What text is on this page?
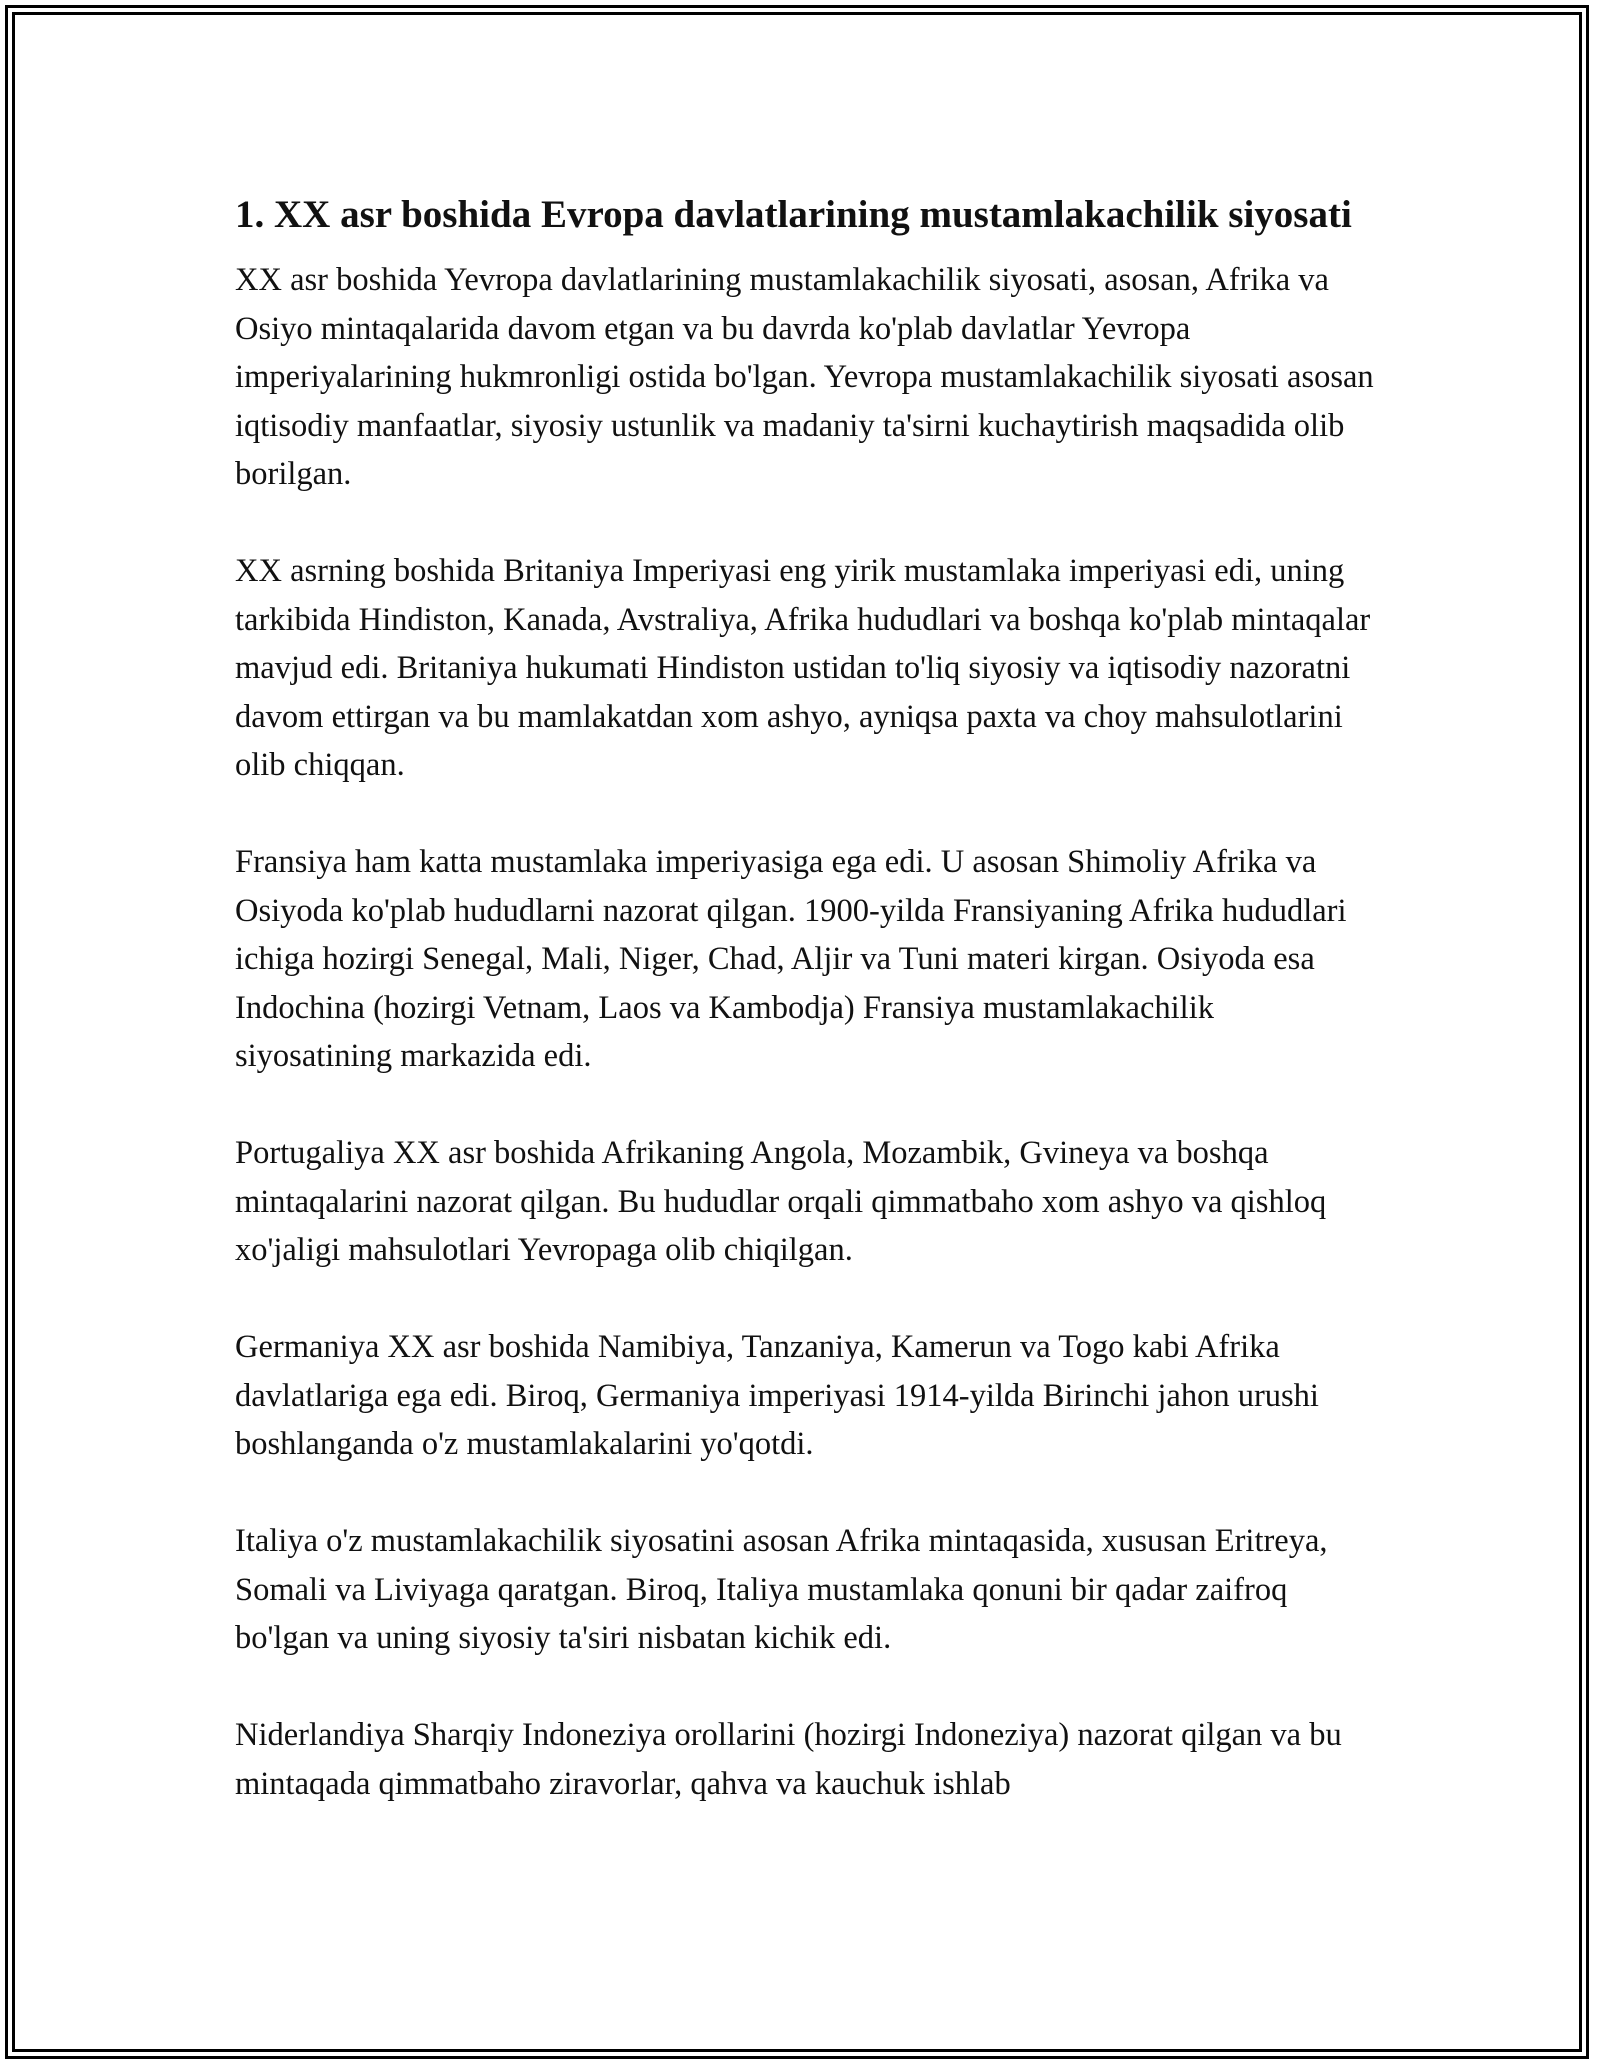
1. XX asr boshida Evropa davlatlarining mustamlakachilik siyosati

XX asr boshida Yevropa davlatlarining mustamlakachilik siyosati, asosan, Afrika va Osiyo mintaqalarida davom etgan va bu davrda ko'plab davlatlar Yevropa imperiyalarining hukmronligi ostida bo'lgan. Yevropa mustamlakachilik siyosati asosan iqtisodiy manfaatlar, siyosiy ustunlik va madaniy ta'sirni kuchaytirish maqsadida olib borilgan.

XX asrning boshida Britaniya Imperiyasi eng yirik mustamlaka imperiyasi edi, uning tarkibida Hindiston, Kanada, Avstraliya, Afrika hududlari va boshqa ko'plab mintaqalar mavjud edi. Britaniya hukumati Hindiston ustidan to'liq siyosiy va iqtisodiy nazoratni davom ettirgan va bu mamlakatdan xom ashyo, ayniqsa paxta va choy mahsulotlarini olib chiqqan.

Fransiya ham katta mustamlaka imperiyasiga ega edi. U asosan Shimoliy Afrika va Osiyoda ko'plab hududlarni nazorat qilgan. 1900-yilda Fransiyaning Afrika hududlari ichiga hozirgi Senegal, Mali, Niger, Chad, Aljir va Tuni materi kirgan. Osiyoda esa Indochina (hozirgi Vetnam, Laos va Kambodja) Fransiya mustamlakachilik siyosatining markazida edi.

Portugaliya XX asr boshida Afrikaning Angola, Mozambik, Gvineya va boshqa mintaqalarini nazorat qilgan. Bu hududlar orqali qimmatbaho xom ashyo va qishloq xo'jaligi mahsulotlari Yevropaga olib chiqilgan.

Germaniya XX asr boshida Namibiya, Tanzaniya, Kamerun va Togo kabi Afrika davlatlariga ega edi. Biroq, Germaniya imperiyasi 1914-yilda Birinchi jahon urushi boshlanganda o'z mustamlakalarini yo'qotdi.

Italiya o'z mustamlakachilik siyosatini asosan Afrika mintaqasida, xususan Eritreya, Somali va Liviyaga qaratgan. Biroq, Italiya mustamlaka qonuni bir qadar zaifroq bo'lgan va uning siyosiy ta'siri nisbatan kichik edi.

Niderlandiya Sharqiy Indoneziya orollarini (hozirgi Indoneziya) nazorat qilgan va bu mintaqada qimmatbaho ziravorlar, qahva va kauchuk ishlab
